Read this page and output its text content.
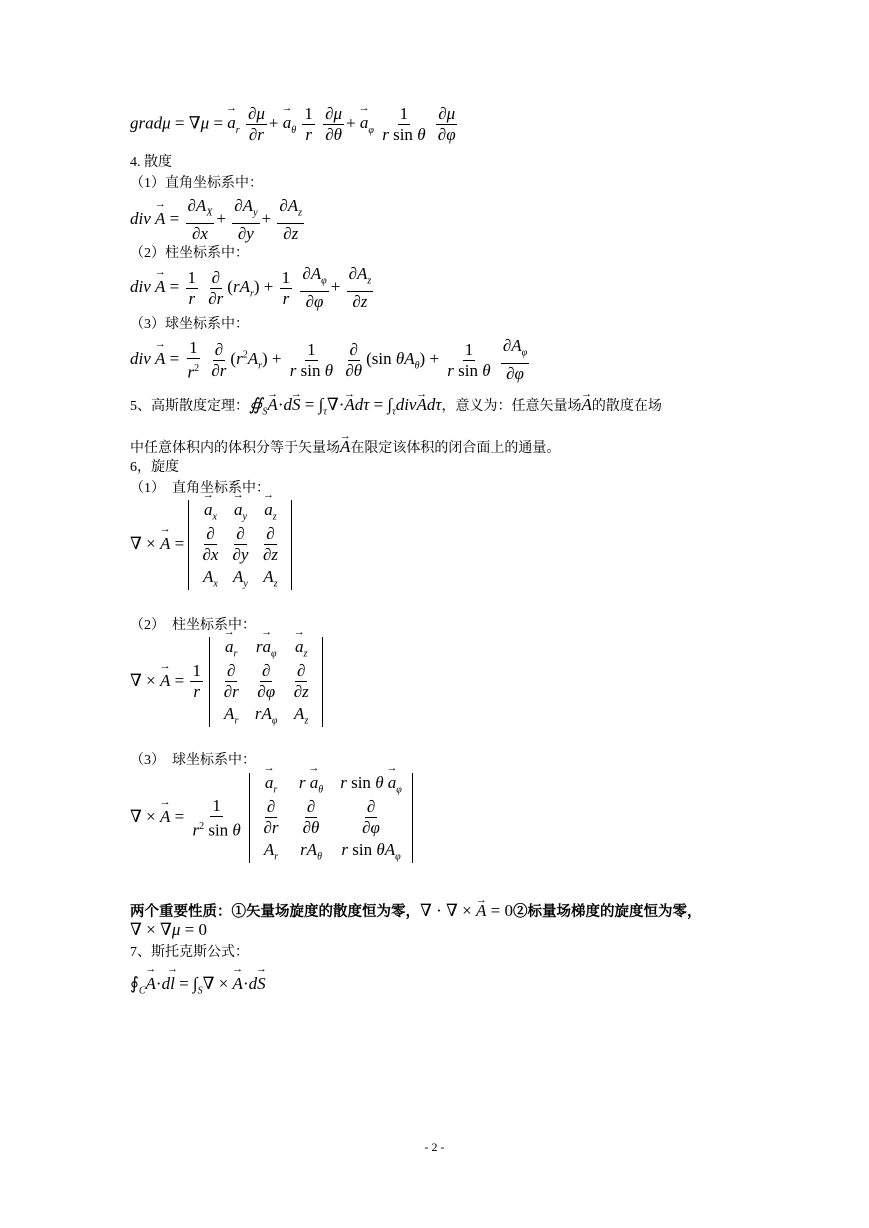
gradμ = ∇μ = → $a_r \frac{\partial\mu}{\partial r}$ + → $a_\theta \frac{1}{r}$
$\frac{\partial\mu}{\partial\theta}$ + → $a_\varphi \frac{1}{\text{r sin θ}}$
$\frac{\partial\mu}{\partial\varphi}$
4. 散度
（1）直角坐标系中：
div → $A = \frac{\partial A_X}{\partial x} + \frac{\partial A_y}{\partial y} + \frac{\partial A_z}{\partial z}$
（2）柱坐标系中：
div → $A = \frac{1}{r}$
$\frac{\partial}{\partial r} (rA_r) + \frac{1}{r}$
$\frac{\partial A_\varphi}{\partial\varphi} + \frac{\partial A_z}{\partial z}$
（3）球坐标系中：
div → $A = \frac{1}{r^2}$
$\frac{\partial}{\partial r} (r^2A_r) + \frac{1}{\text{r sin θ}}$
$\frac{\partial}{\partial\theta} (\sin$ $\theta A_\theta) + \frac{1}{\text{r sin θ}}$
$\frac{\partial A_\varphi}{\partial\varphi}$
5、高斯散度定理：$∯_S\to A\cdot d\to S = \int_\tau\nabla\cdot\to Ad\tau = \int_\tau div\to Ad\tau$，意义为：任意矢量场→ A的散度在场
中任意体积内的体积分等于矢量场→ A在限定该体积的闭合面上的通量。
6，旋度
（1）　直角坐标系中：
∇ × → A =
→ $a_x$	→ $a_y$	→ $a_z$
$\frac{\partial}{\partial x} \frac{\partial}{\partial y} \frac{\partial}{\partial z}$
$A_x$ $A_y$ $A_z$
（2）　柱坐标系中：
∇ × → $A = \frac{1}{r}$

→ $a_r$	$r\to a_\varphi$	→ $a_z$
$\frac{\partial}{\partial r} \frac{\partial}{\partial\varphi} \frac{\partial}{\partial z}$
$A_r$ $rA_\varphi$ $A_z$
（3）　球坐标系中：
∇ × → $A = \frac{1}{r^2 \sin \theta}$

→ $a_r$	$r \to a_\theta$	r $\sin \theta \to a_\varphi$
$\frac{\partial}{\partial r} \frac{\partial}{\partial\theta} \frac{\partial}{\partial\varphi}$
$A_r$	$rA_\theta$	r $\sin \theta A_\varphi$
两个重要性质：①矢量场旋度的散度恒为零，∇ · ∇ × → A = 0②标量场梯度的旋度恒为零，
∇ × ∇μ = 0
7、斯托克斯公式：
$∮_C\to A\cdot d\to l = \int_S\nabla$ × → A·d→ S
- 2 -
